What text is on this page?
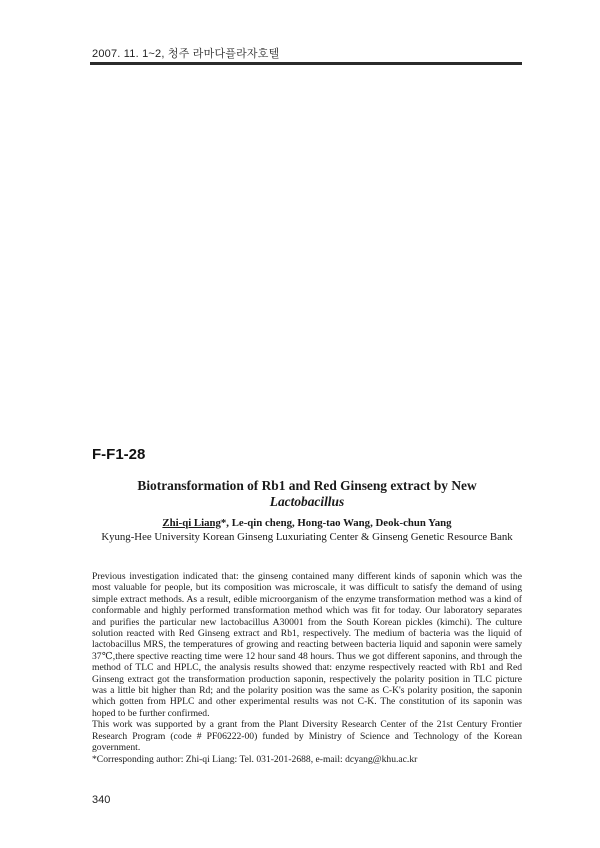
2007. 11. 1~2, 청주 라마다플라자호텔
F-F1-28
Biotransformation of Rb1 and Red Ginseng extract by New
Lactobacillus
Zhi-qi Liang*, Le-qin cheng, Hong-tao Wang, Deok-chun Yang
Kyung-Hee University Korean Ginseng Luxuriating Center & Ginseng Genetic Resource Bank

Previous investigation indicated that: the ginseng contained many different kinds of saponin which was the most valuable for people, but its composition was microscale, it was difficult to satisfy the demand of using simple extract methods. As a result, edible microorganism of the enzyme transformation method was a kind of conformable and highly performed transformation method which was fit for today. Our laboratory separates and purifies the particular new lactobacillus A30001 from the South Korean pickles (kimchi). The culture solution reacted with Red Ginseng extract and Rb1, respectively. The medium of bacteria was the liquid of lactobacillus MRS, the temperatures of growing and reacting between bacteria liquid and saponin were samely 37℃,there spective reacting time were 12 hour sand 48 hours. Thus we got different saponins, and through the method of TLC and HPLC, the analysis results showed that: enzyme respectively reacted with Rb1 and Red Ginseng extract got the transformation production saponin, respectively the polarity position in TLC picture was a little bit higher than Rd; and the polarity position was the same as C-K's polarity position, the saponin which gotten from HPLC and other experimental results was not C-K. The constitution of its saponin was hoped to be further confirmed.

This work was supported by a grant from the Plant Diversity Research Center of the 21st Century Frontier Research Program (code # PF06222-00) funded by Ministry of Science and Technology of the Korean government.

*Corresponding author: Zhi-qi Liang: Tel. 031-201-2688, e-mail: dcyang@khu.ac.kr

340
